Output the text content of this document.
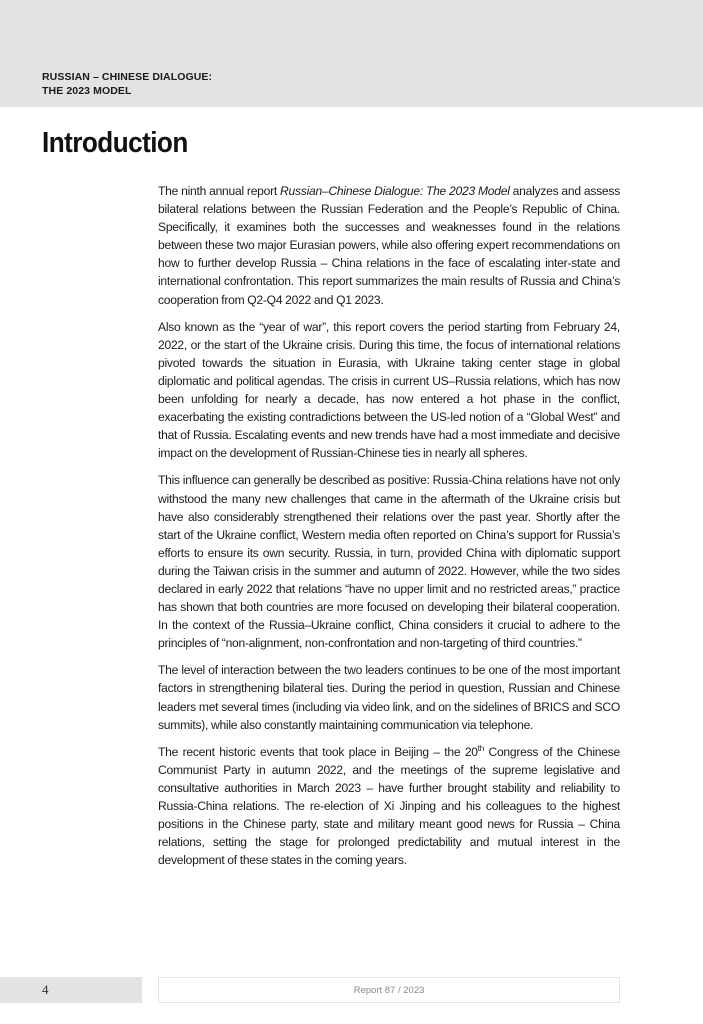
RUSSIAN – CHINESE DIALOGUE:
THE 2023 MODEL
Introduction

The ninth annual report Russian–Chinese Dialogue: The 2023 Model analyzes and assess bilateral relations between the Russian Federation and the People’s Republic of China. Specifically, it examines both the successes and weaknesses found in the relations between these two major Eurasian powers, while also offering expert recommendations on how to further develop Russia – China relations in the face of escalating inter-state and international confrontation. This report summarizes the main results of Russia and China’s cooperation from Q2-Q4 2022 and Q1 2023.

Also known as the “year of war”, this report covers the period starting from February 24, 2022, or the start of the Ukraine crisis. During this time, the focus of international relations pivoted towards the situation in Eurasia, with Ukraine taking center stage in global diplomatic and political agendas. The crisis in current US–Russia relations, which has now been unfolding for nearly a decade, has now entered a hot phase in the conflict, exacerbating the existing contradictions between the US-led notion of a “Global West” and that of Russia. Escalating events and new trends have had a most immediate and decisive impact on the development of Russian-Chinese ties in nearly all spheres.

This influence can generally be described as positive: Russia-China relations have not only withstood the many new challenges that came in the aftermath of the Ukraine crisis but have also considerably strengthened their relations over the past year. Shortly after the start of the Ukraine conflict, Western media often reported on China’s support for Russia’s efforts to ensure its own security. Russia, in turn, provided China with diplomatic support during the Taiwan crisis in the summer and autumn of 2022. However, while the two sides declared in early 2022 that relations “have no upper limit and no restricted areas,” practice has shown that both countries are more focused on developing their bilateral cooperation. In the context of the Russia–Ukraine conflict, China considers it crucial to adhere to the principles of “non-alignment, non-confrontation and non-targeting of third countries.”

The level of interaction between the two leaders continues to be one of the most important factors in strengthening bilateral ties. During the period in question, Russian and Chinese leaders met several times (including via video link, and on the sidelines of BRICS and SCO summits), while also constantly maintaining communication via telephone.

The recent historic events that took place in Beijing – the 20th Congress of the Chinese Communist Party in autumn 2022, and the meetings of the supreme legislative and consultative authorities in March 2023 – have further brought stability and reliability to Russia-China relations. The re-election of Xi Jinping and his colleagues to the highest positions in the Chinese party, state and military meant good news for Russia – China relations, setting the stage for prolonged predictability and mutual interest in the development of these states in the coming years.

4	Report 87 / 2023
